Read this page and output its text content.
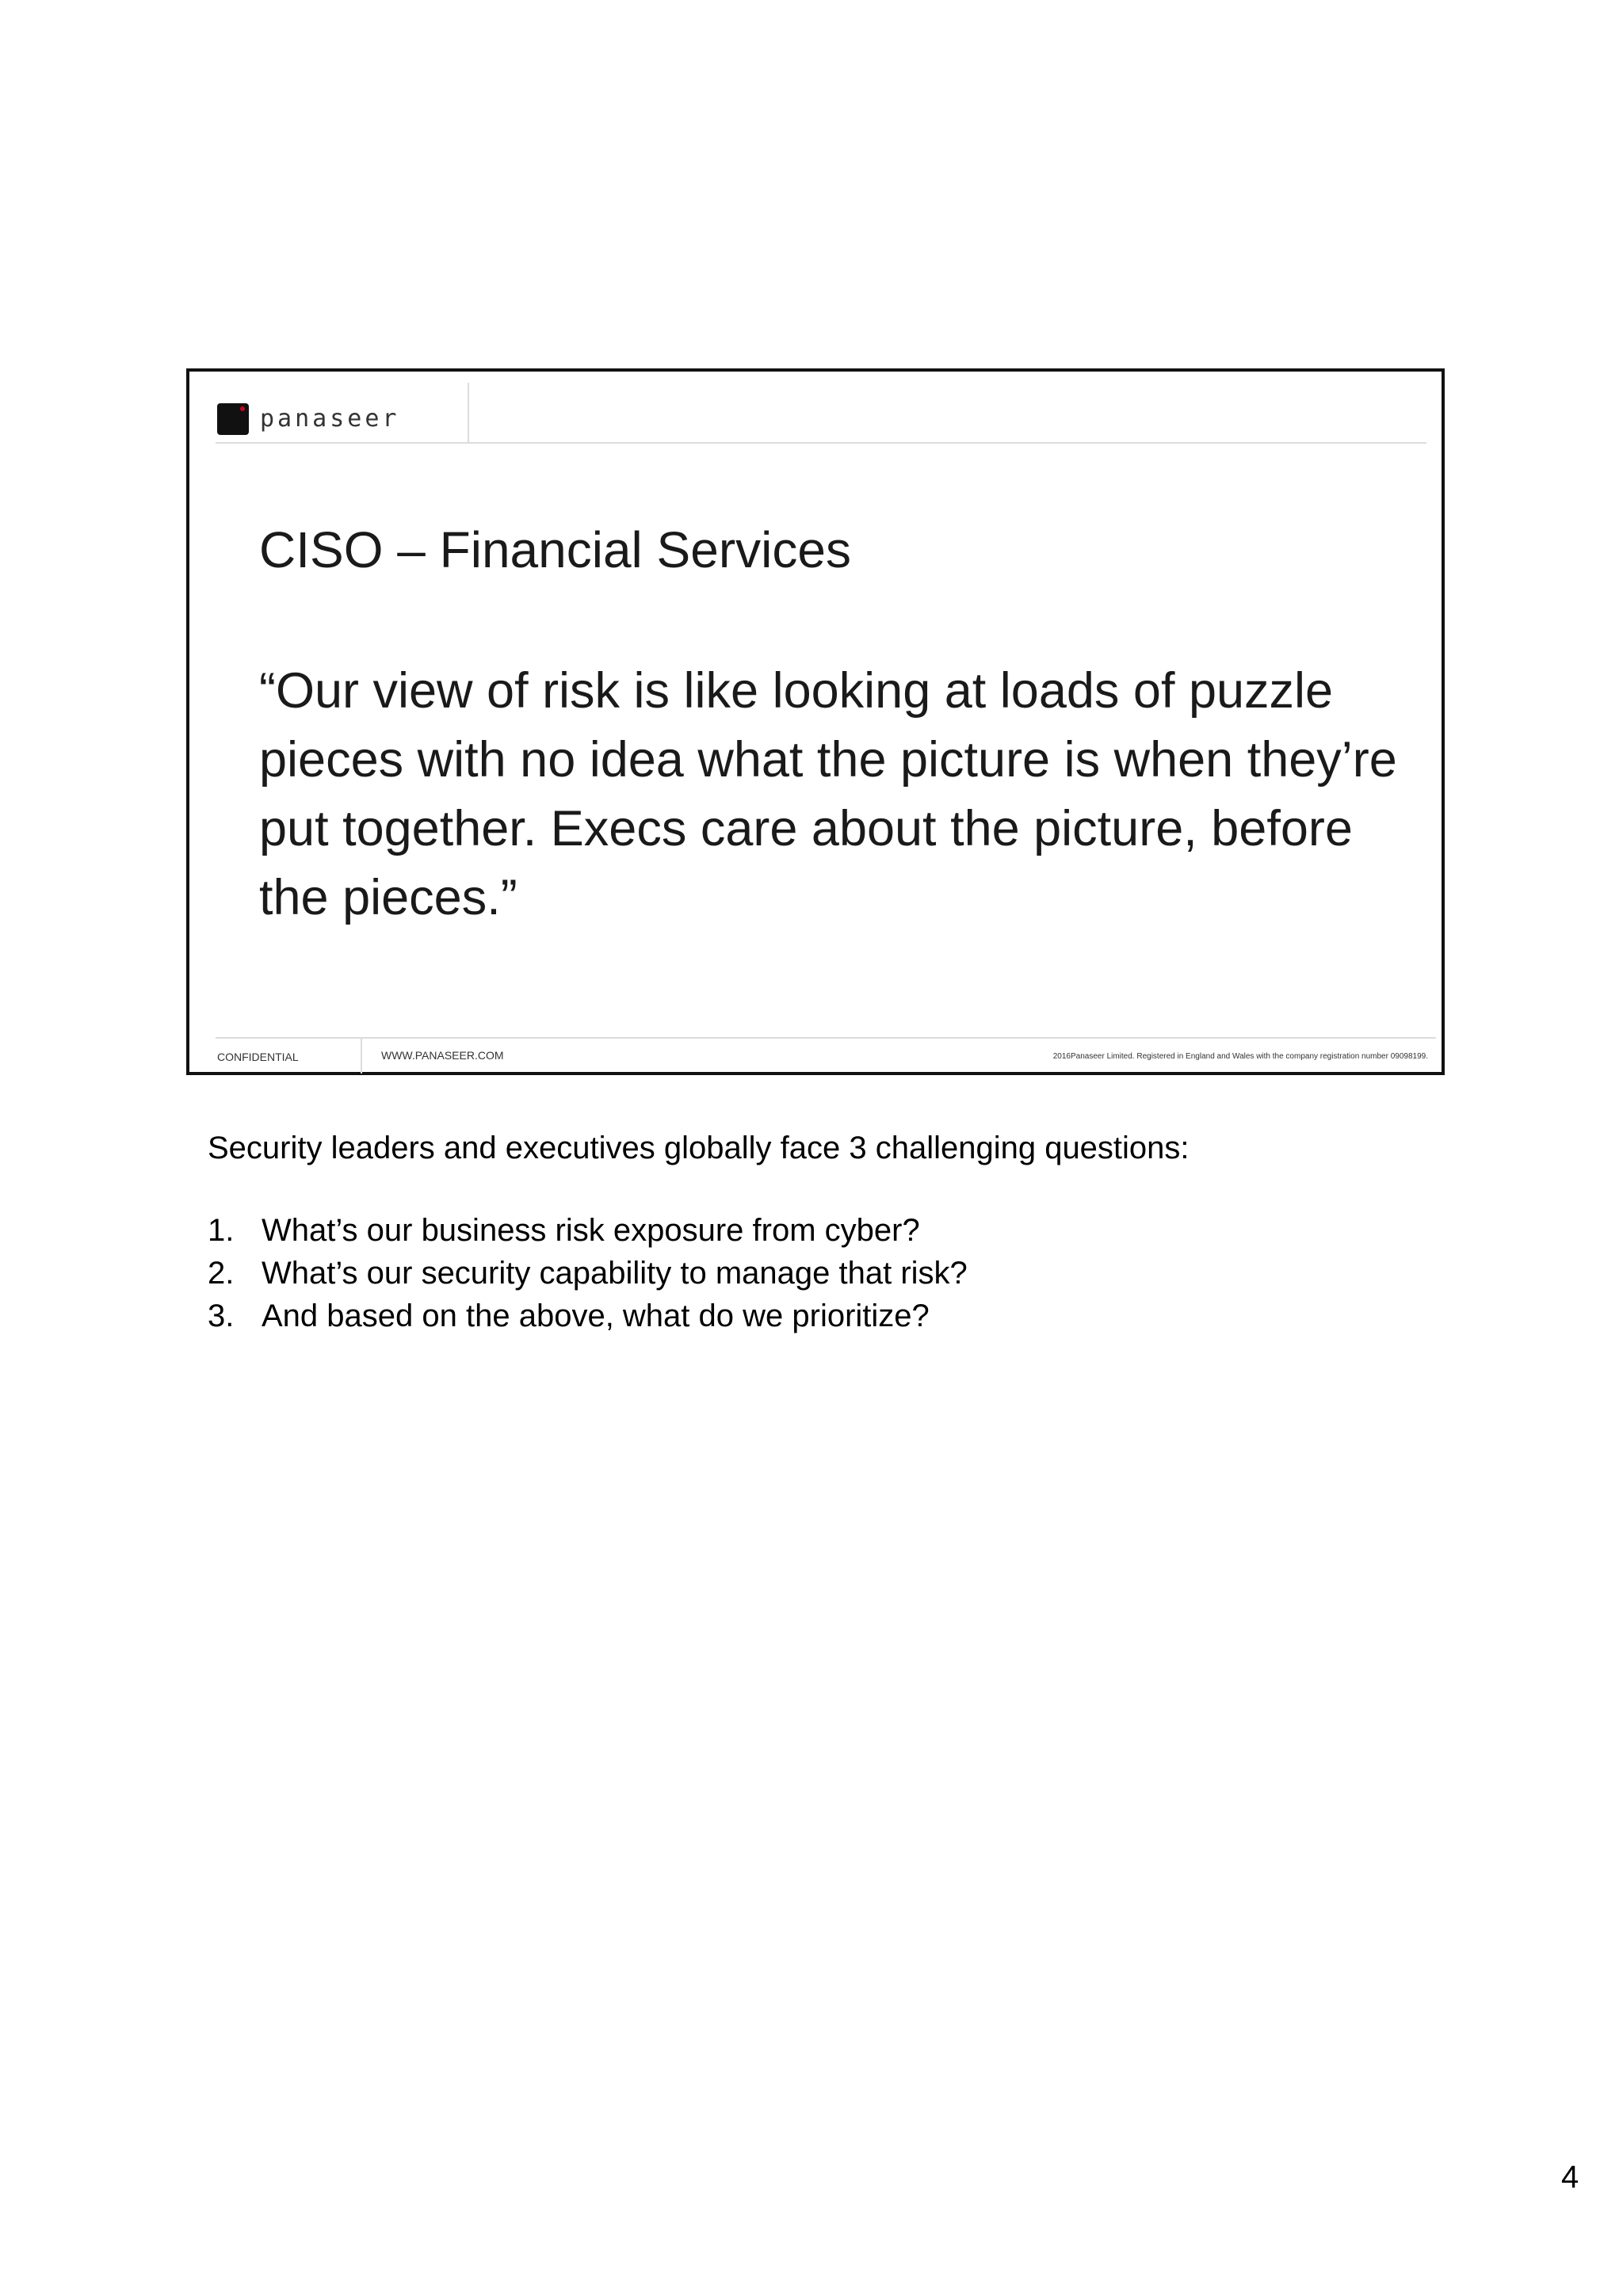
panaseer
CISO – Financial Services
“Our view of risk is like looking at loads of puzzle pieces with no idea what the picture is when they’re put together. Execs care about the picture, before the pieces.”
CONFIDENTIAL	WWW.PANASEER.COM	2016Panaseer Limited. Registered in England and Wales with the company registration number 09098199.
Security leaders and executives globally face 3 challenging questions:
1. What’s our business risk exposure from cyber?
2. What’s our security capability to manage that risk?
3. And based on the above, what do we prioritize?
4
